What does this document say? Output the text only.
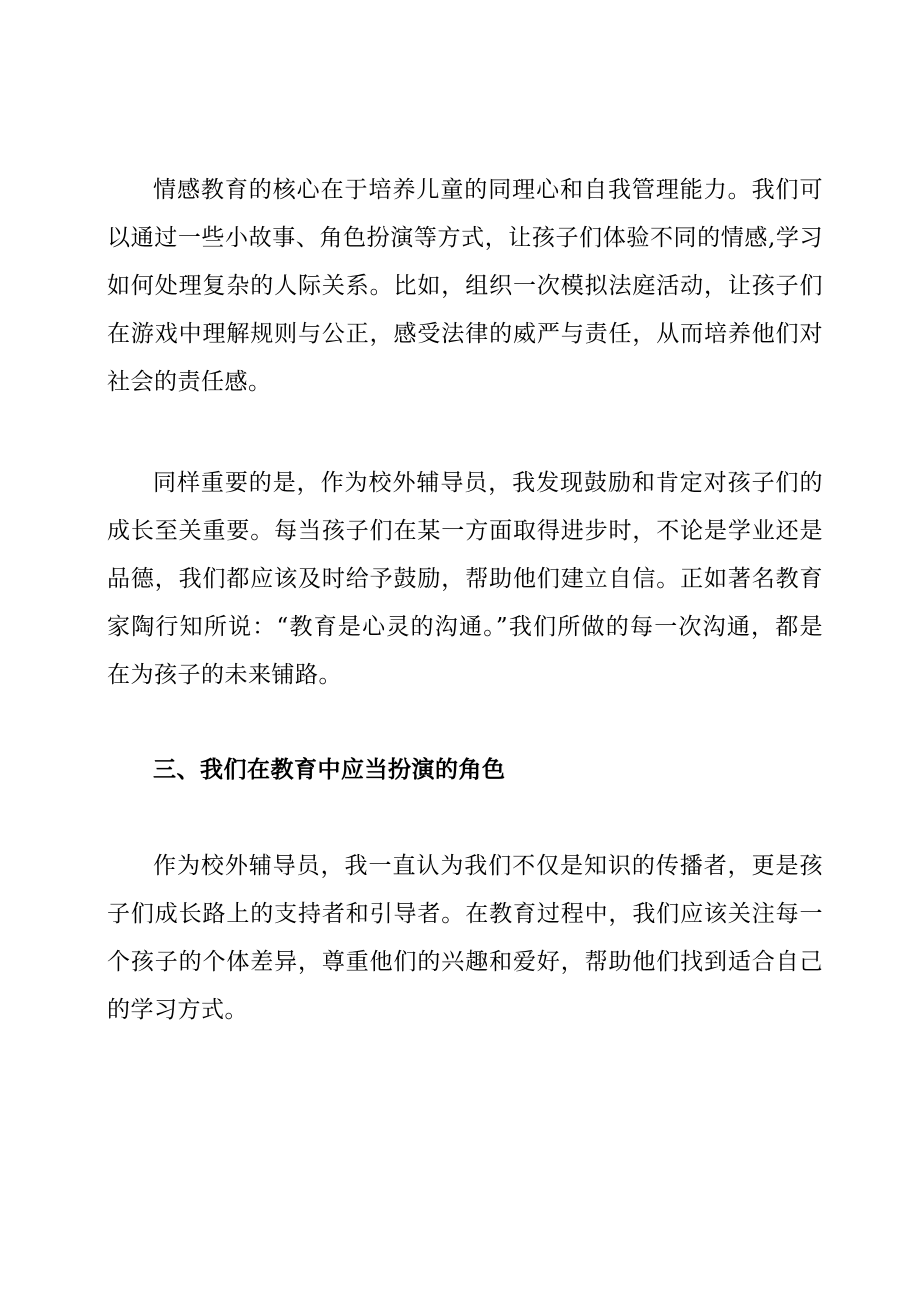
情感教育的核心在于培养儿童的同理心和自我管理能力。我们可以通过一些小故事、角色扮演等方式，让孩子们体验不同的情感,学习如何处理复杂的人际关系。比如，组织一次模拟法庭活动，让孩子们在游戏中理解规则与公正，感受法律的威严与责任，从而培养他们对社会的责任感。

同样重要的是，作为校外辅导员，我发现鼓励和肯定对孩子们的成长至关重要。每当孩子们在某一方面取得进步时，不论是学业还是品德，我们都应该及时给予鼓励，帮助他们建立自信。正如著名教育家陶行知所说：“教育是心灵的沟通。”我们所做的每一次沟通，都是在为孩子的未来铺路。

三、我们在教育中应当扮演的角色

作为校外辅导员，我一直认为我们不仅是知识的传播者，更是孩子们成长路上的支持者和引导者。在教育过程中，我们应该关注每一个孩子的个体差异，尊重他们的兴趣和爱好，帮助他们找到适合自己的学习方式。
